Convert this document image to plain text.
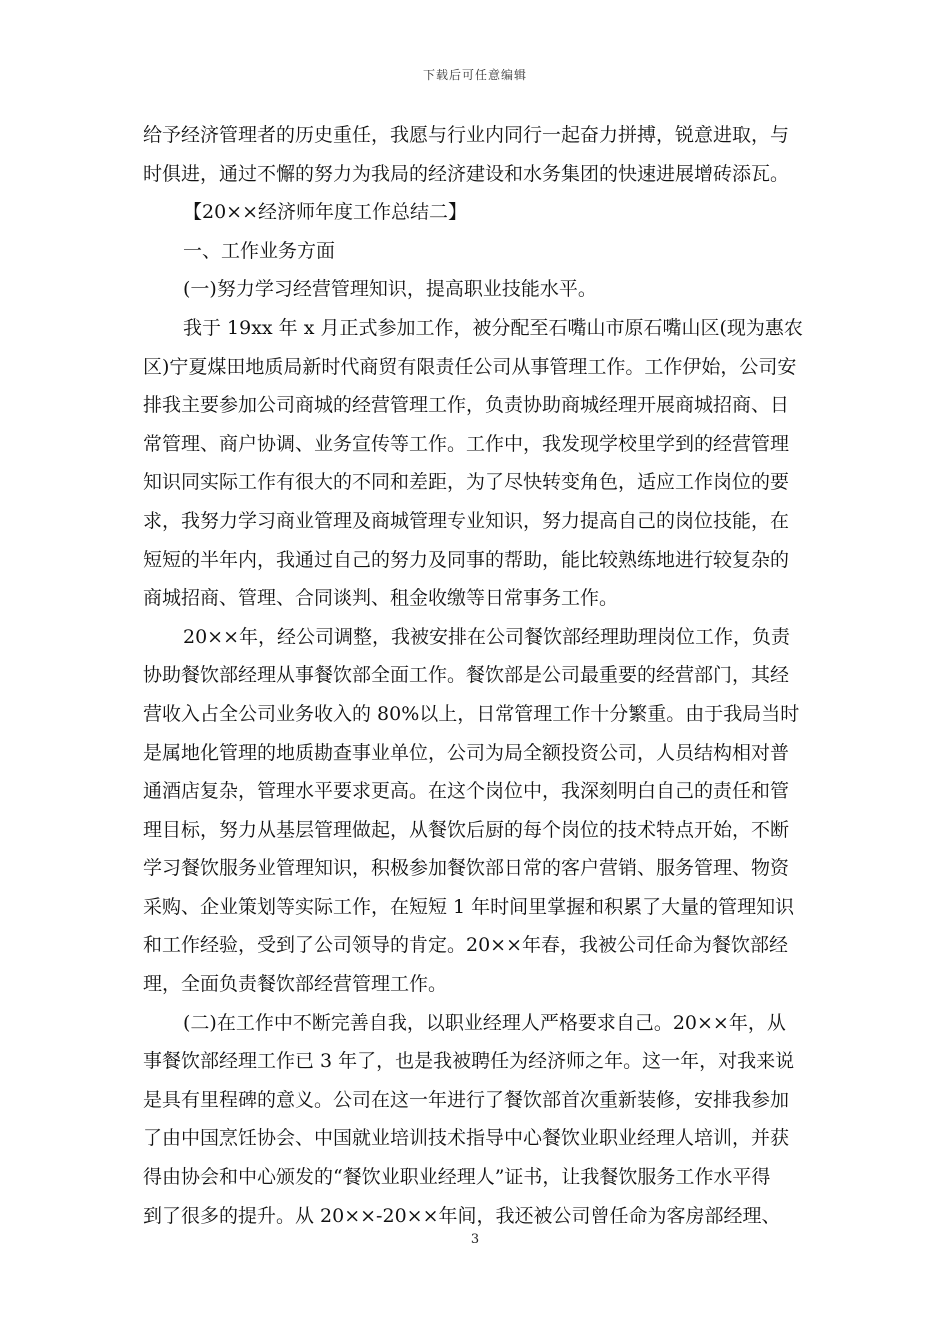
下载后可任意编辑
给予经济管理者的历史重任，我愿与行业内同行一起奋力拼搏，锐意进取，与
时俱进，通过不懈的努力为我局的经济建设和水务集团的快速进展增砖添瓦。
【20××经济师年度工作总结二】
一、工作业务方面
(一)努力学习经营管理知识，提高职业技能水平。
我于 19xx 年 x 月正式参加工作，被分配至石嘴山市原石嘴山区(现为惠农
区)宁夏煤田地质局新时代商贸有限责任公司从事管理工作。工作伊始，公司安
排我主要参加公司商城的经营管理工作，负责协助商城经理开展商城招商、日
常管理、商户协调、业务宣传等工作。工作中，我发现学校里学到的经营管理
知识同实际工作有很大的不同和差距，为了尽快转变角色，适应工作岗位的要
求，我努力学习商业管理及商城管理专业知识，努力提高自己的岗位技能，在
短短的半年内，我通过自己的努力及同事的帮助，能比较熟练地进行较复杂的
商城招商、管理、合同谈判、租金收缴等日常事务工作。
20××年，经公司调整，我被安排在公司餐饮部经理助理岗位工作，负责
协助餐饮部经理从事餐饮部全面工作。餐饮部是公司最重要的经营部门，其经
营收入占全公司业务收入的 80%以上，日常管理工作十分繁重。由于我局当时
是属地化管理的地质勘查事业单位，公司为局全额投资公司，人员结构相对普
通酒店复杂，管理水平要求更高。在这个岗位中，我深刻明白自己的责任和管
理目标，努力从基层管理做起，从餐饮后厨的每个岗位的技术特点开始，不断
学习餐饮服务业管理知识，积极参加餐饮部日常的客户营销、服务管理、物资
采购、企业策划等实际工作，在短短 1 年时间里掌握和积累了大量的管理知识
和工作经验，受到了公司领导的肯定。20××年春，我被公司任命为餐饮部经
理，全面负责餐饮部经营管理工作。
(二)在工作中不断完善自我，以职业经理人严格要求自己。20××年，从
事餐饮部经理工作已 3 年了，也是我被聘任为经济师之年。这一年，对我来说
是具有里程碑的意义。公司在这一年进行了餐饮部首次重新装修，安排我参加
了由中国烹饪协会、中国就业培训技术指导中心餐饮业职业经理人培训，并获
得由协会和中心颁发的“餐饮业职业经理人”证书，让我餐饮服务工作水平得
到了很多的提升。从 20××-20××年间，我还被公司曾任命为客房部经理、
3
